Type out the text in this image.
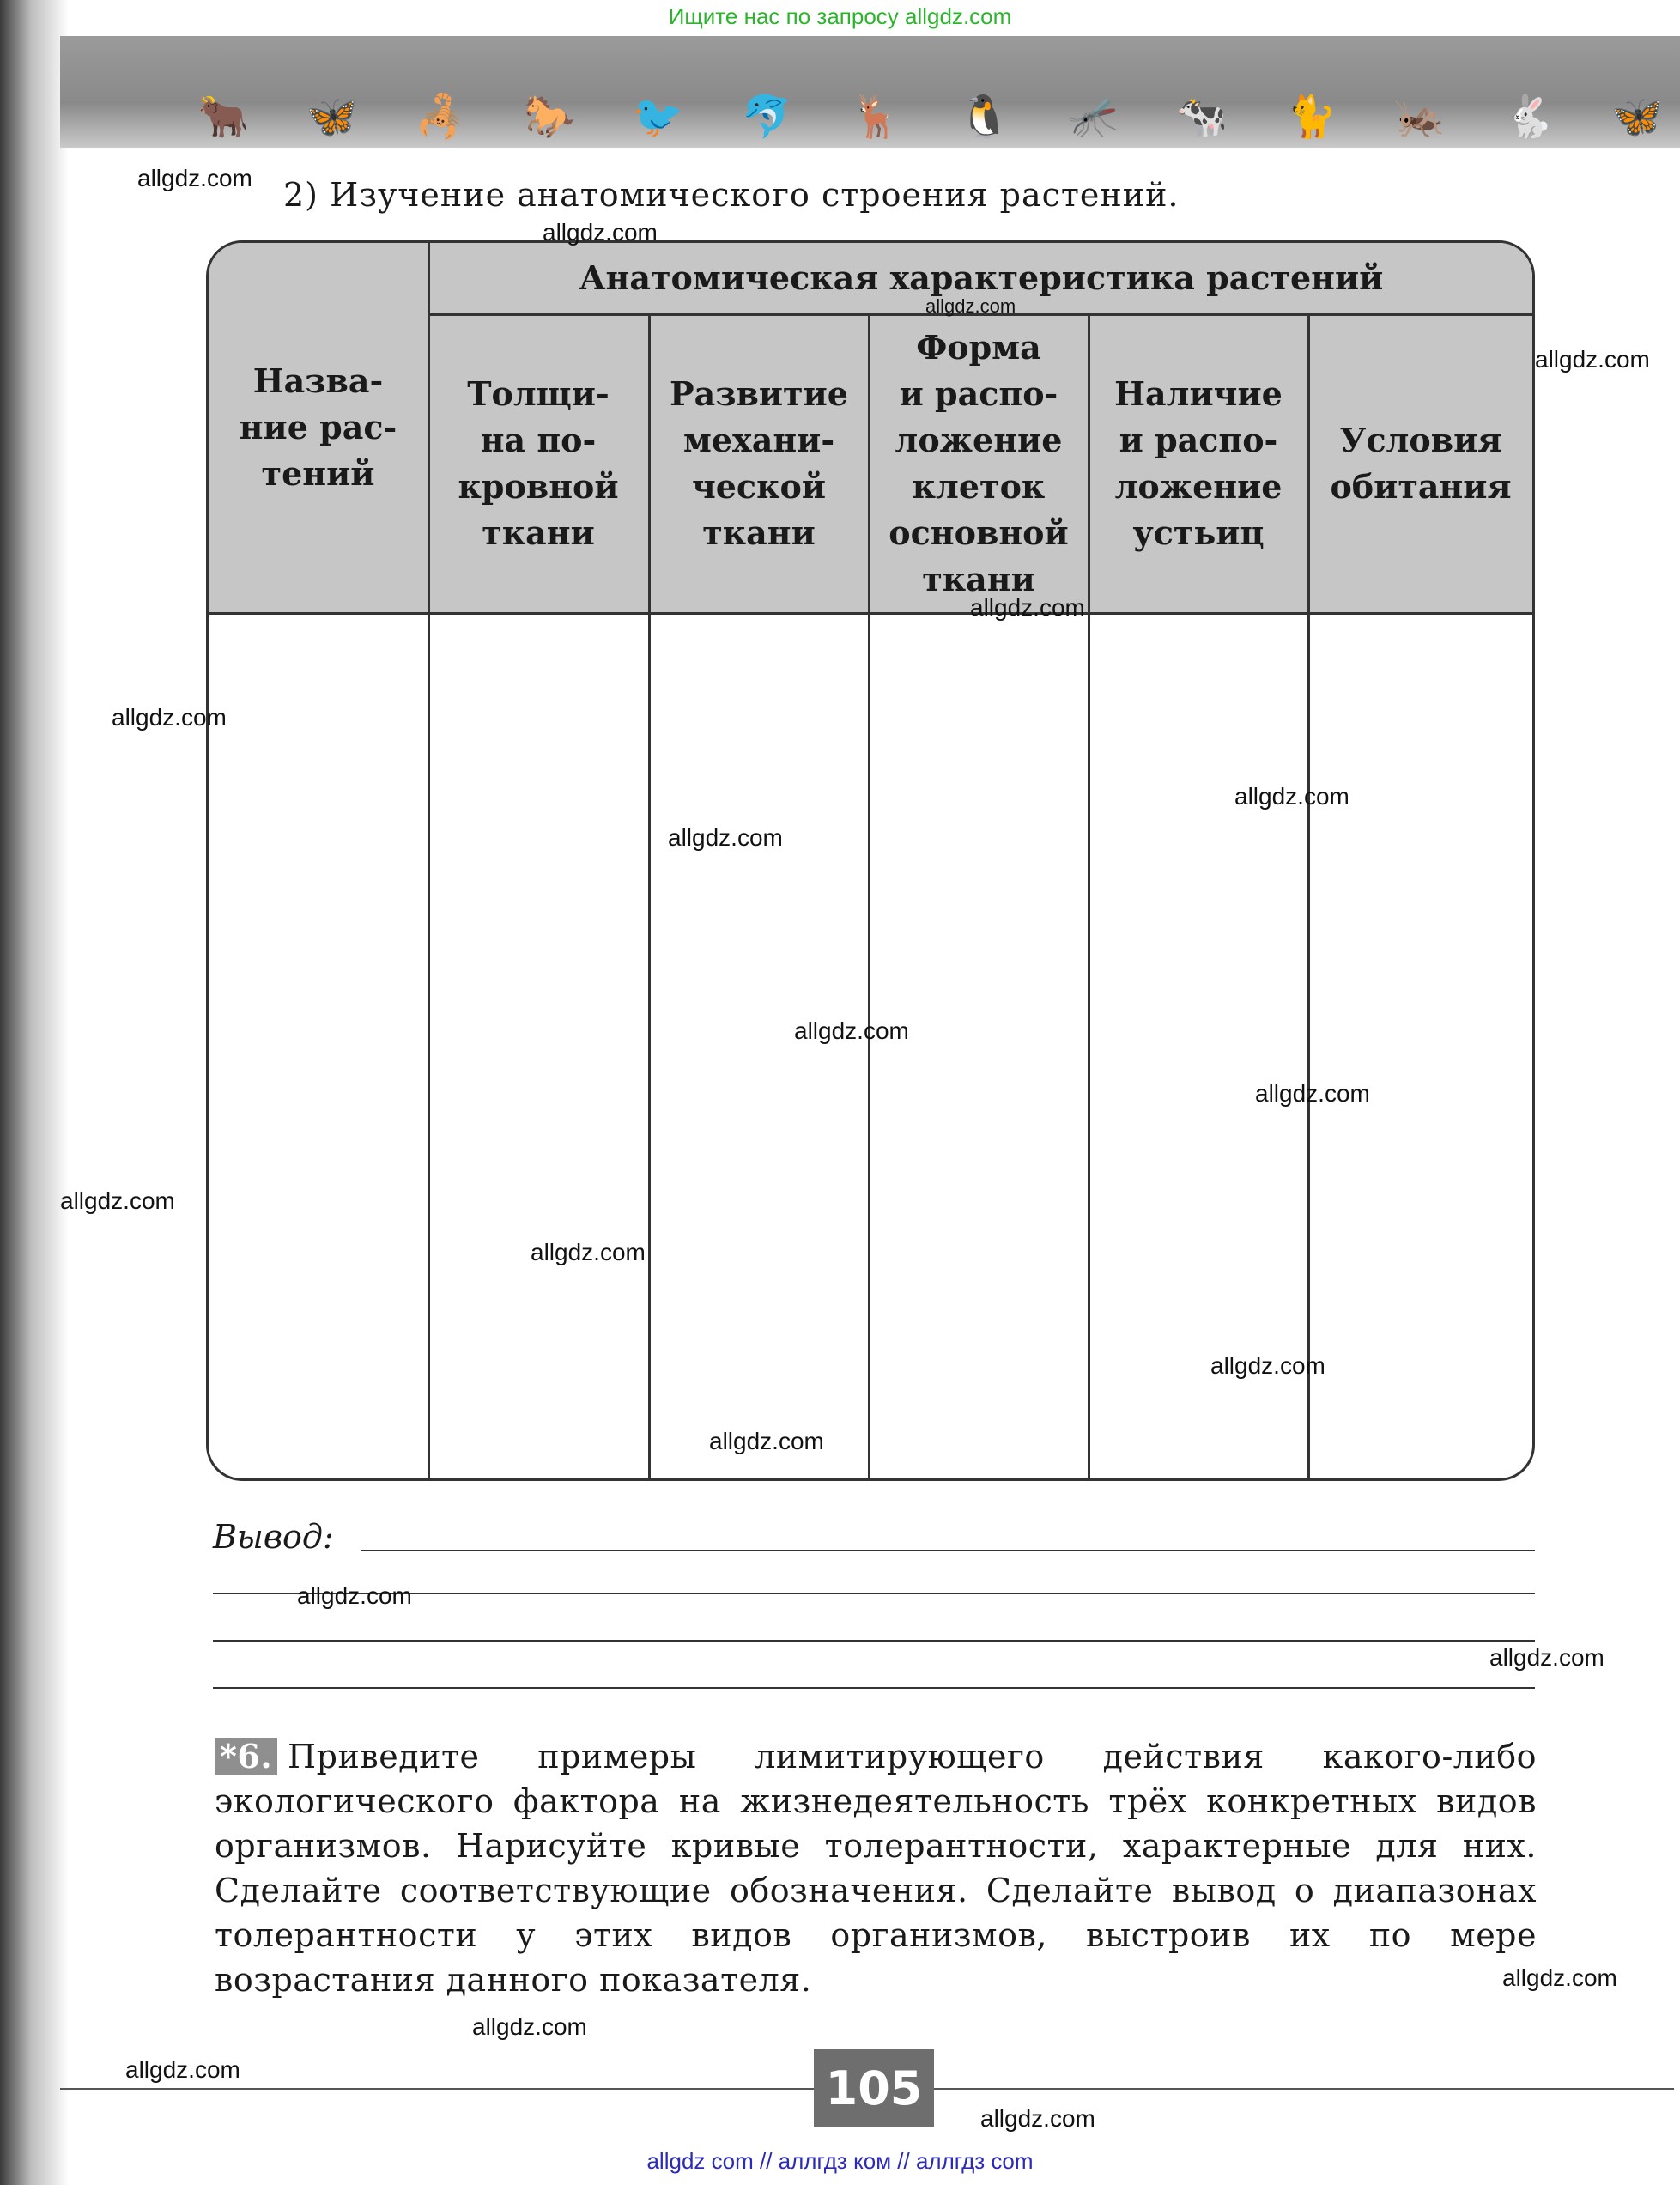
Ищите нас по запросу allgdz.com
🐂 🦋 🦂 🐎 🐦 🐬 🦌 🐧 🦟 🐄 🐈 🦗 🐇 🦋
2) Изучение анатомического строения растений.
Анатомическая характеристика растений
Назва-
ние рас-
тений
Толщи-
на по-
кровной
ткани
Развитие
механи-
ческой
ткани
Форма
и распо-
ложение
клеток
основной
ткани
Наличие
и распо-
ложение
устьиц
Условия
обитания
Вывод:
*6. Приведите примеры лимитирующего действия какого-либо экологического фактора на жизнедеятельность трёх конкретных видов организмов. Нарисуйте кривые толерантности, характерные для них. Сделайте соответствующие обозначения. Сделайте вывод о диапазонах толерантности у этих видов организмов, выстроив их по мере возрастания данного показателя.
105
allgdz.com
allgdz.com
allgdz.com
allgdz.com
allgdz.com
allgdz.com
allgdz.com
allgdz.com
allgdz.com
allgdz.com
allgdz.com
allgdz.com
allgdz.com
allgdz.com
allgdz.com
allgdz.com
allgdz.com
allgdz.com
allgdz.com
allgdz.com
allgdz com // аллгдз ком // аллгдз com
